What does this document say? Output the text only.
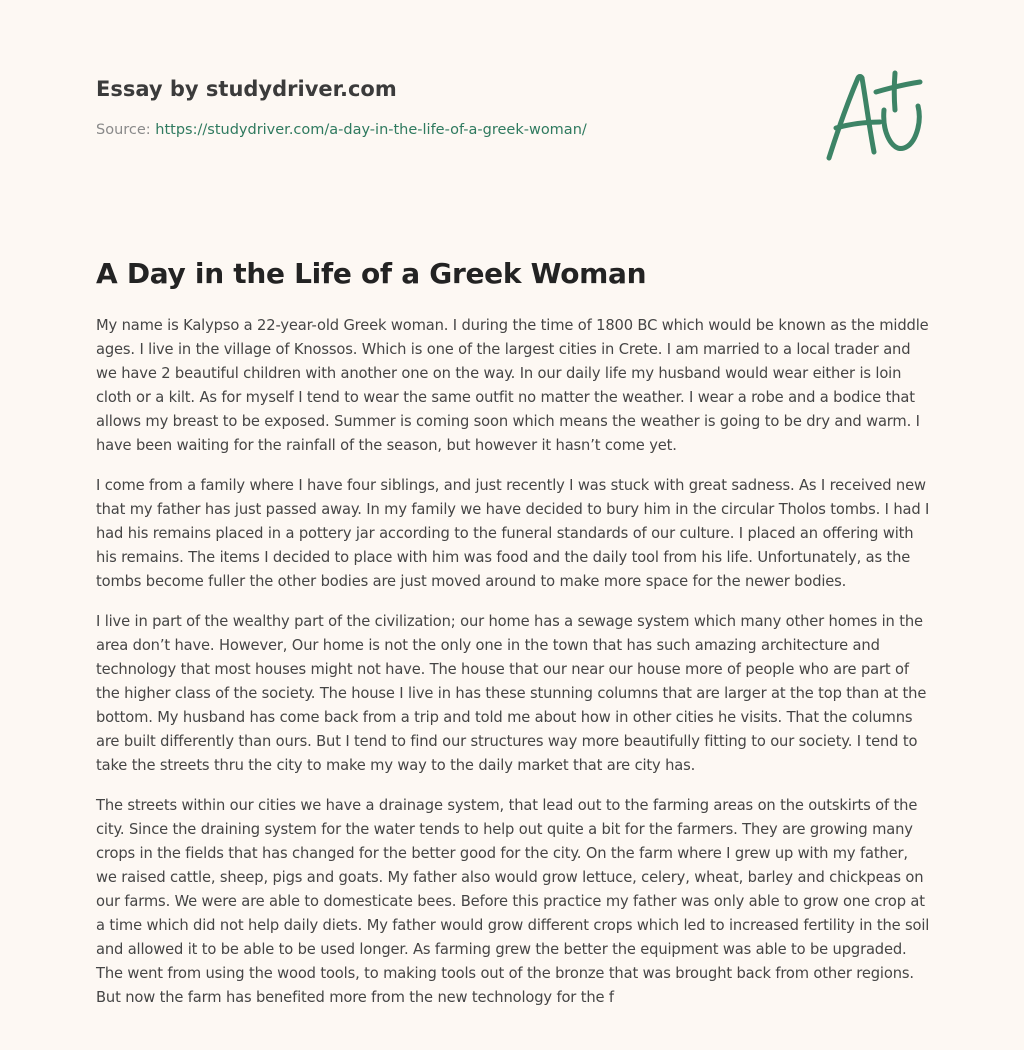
Essay by studydriver.com
Source: https://studydriver.com/a-day-in-the-life-of-a-greek-woman/
A Day in the Life of a Greek Woman

My name is Kalypso a 22-year-old Greek woman. I during the time of 1800 BC which would be known as the middle ages. I live in the village of Knossos. Which is one of the largest cities in Crete. I am married to a local trader and we have 2 beautiful children with another one on the way. In our daily life my husband would wear either is loin cloth or a kilt. As for myself I tend to wear the same outfit no matter the weather. I wear a robe and a bodice that allows my breast to be exposed. Summer is coming soon which means the weather is going to be dry and warm. I have been waiting for the rainfall of the season, but however it hasn’t come yet.

I come from a family where I have four siblings, and just recently I was stuck with great sadness. As I received new that my father has just passed away. In my family we have decided to bury him in the circular Tholos tombs. I had I had his remains placed in a pottery jar according to the funeral standards of our culture. I placed an offering with his remains. The items I decided to place with him was food and the daily tool from his life. Unfortunately, as the tombs become fuller the other bodies are just moved around to make more space for the newer bodies.

I live in part of the wealthy part of the civilization; our home has a sewage system which many other homes in the area don’t have. However, Our home is not the only one in the town that has such amazing architecture and technology that most houses might not have. The house that our near our house more of people who are part of the higher class of the society. The house I live in has these stunning columns that are larger at the top than at the bottom. My husband has come back from a trip and told me about how in other cities he visits. That the columns are built differently than ours. But I tend to find our structures way more beautifully fitting to our society. I tend to take the streets thru the city to make my way to the daily market that are city has.

The streets within our cities we have a drainage system, that lead out to the farming areas on the outskirts of the city. Since the draining system for the water tends to help out quite a bit for the farmers. They are growing many crops in the fields that has changed for the better good for the city. On the farm where I grew up with my father, we raised cattle, sheep, pigs and goats. My father also would grow lettuce, celery, wheat, barley and chickpeas on our farms. We were are able to domesticate bees. Before this practice my father was only able to grow one crop at a time which did not help daily diets. My father would grow different crops which led to increased fertility in the soil and allowed it to be able to be used longer. As farming grew the better the equipment was able to be upgraded. The went from using the wood tools, to making tools out of the bronze that was brought back from other regions. But now the farm has benefited more from the new technology for the f
